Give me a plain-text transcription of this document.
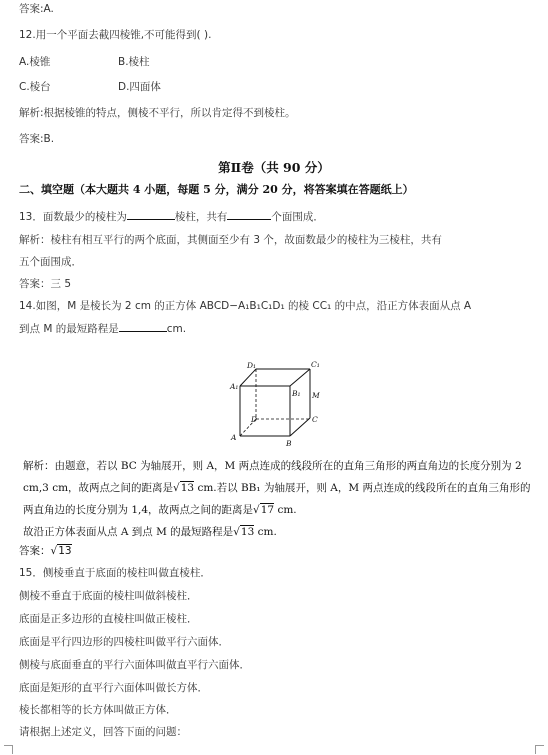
答案:A.
12.用一个平面去截四棱锥,不可能得到( ).
A.棱锥	B.棱柱
C.棱台	D.四面体
解析:根据棱锥的特点，侧棱不平行，所以肯定得不到棱柱。
答案:B.
第Ⅱ卷（共 90 分）
二、填空题（本大题共 4 小题，每题 5 分，满分 20 分，将答案填在答题纸上）
13．面数最少的棱柱为	棱柱，共有	个面围成．
解析：棱柱有相互平行的两个底面，其侧面至少有 3 个，故面数最少的棱柱为三棱柱，共有
五个面围成．
答案：三 5
14.如图，M 是棱长为 2 cm 的正方体 ABCD−A₁B₁C₁D₁ 的棱 CC₁ 的中点，沿正方体表面从点 A
到点 M 的最短路程是	cm.
D₁	C₁
A₁
B₁ M
D	C
A
B
解析：由题意，若以 BC 为轴展开，则 A，M 两点连成的线段所在的直角三角形的两直角边的长度分别为 2
cm,3 cm，故两点之间的距离是√13 cm.若以 BB₁ 为轴展开，则 A，M 两点连成的线段所在的直角三角形的
两直角边的长度分别为 1,4，故两点之间的距离是√17 cm.
故沿正方体表面从点 A 到点 M 的最短路程是√13 cm.
答案：√13
15．侧棱垂直于底面的棱柱叫做直棱柱．
侧棱不垂直于底面的棱柱叫做斜棱柱．
底面是正多边形的直棱柱叫做正棱柱．
底面是平行四边形的四棱柱叫做平行六面体．
侧棱与底面垂直的平行六面体叫做直平行六面体．
底面是矩形的直平行六面体叫做长方体．
棱长都相等的长方体叫做正方体．
请根据上述定义，回答下面的问题：
